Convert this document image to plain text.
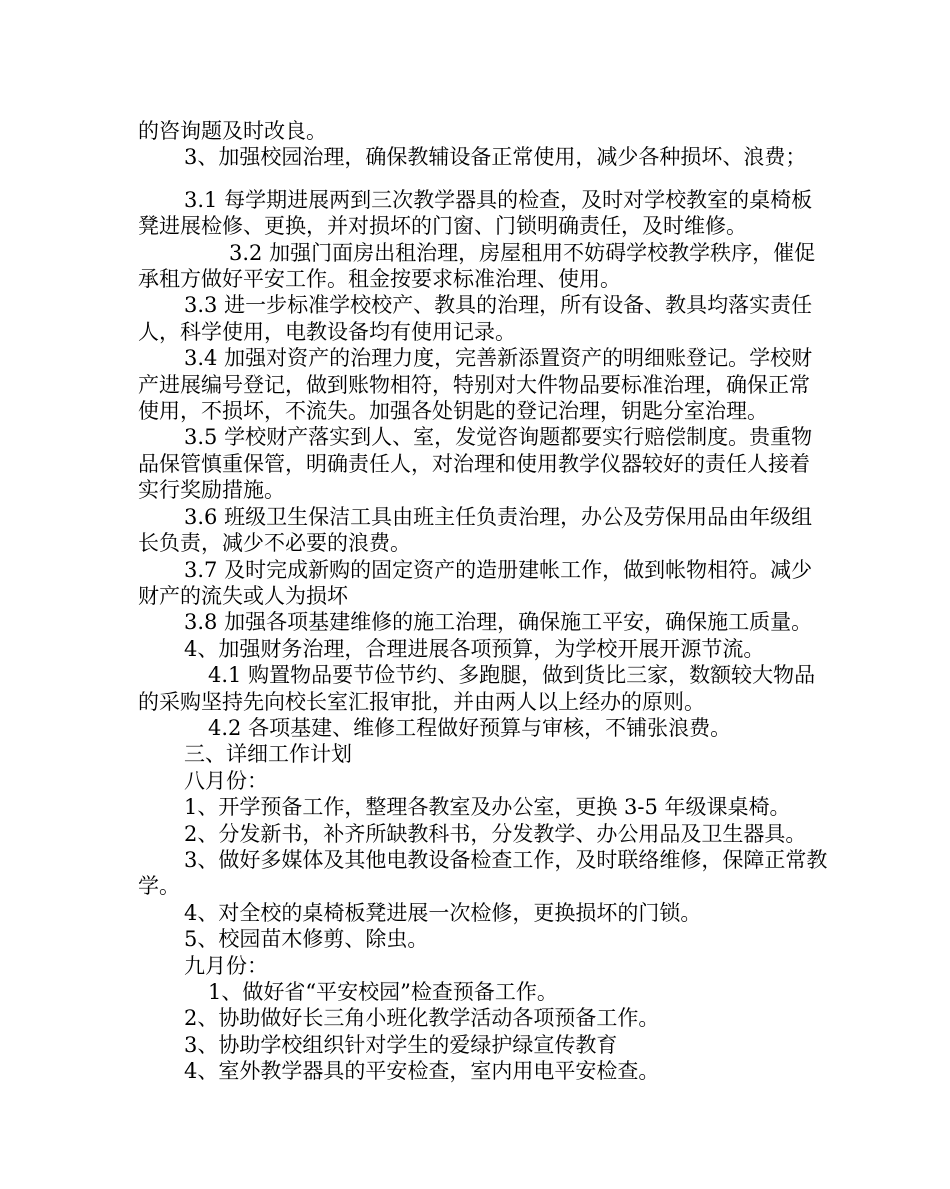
的咨询题及时改良。

3、加强校园治理，确保教辅设备正常使用，减少各种损坏、浪费；

3.1 每学期进展两到三次教学器具的检查，及时对学校教室的桌椅板凳进展检修、更换，并对损坏的门窗、门锁明确责任，及时维修。

3.2 加强门面房出租治理，房屋租用不妨碍学校教学秩序，催促承租方做好平安工作。租金按要求标准治理、使用。

3.3 进一步标准学校校产、教具的治理，所有设备、教具均落实责任人，科学使用，电教设备均有使用记录。

3.4 加强对资产的治理力度，完善新添置资产的明细账登记。学校财产进展编号登记，做到账物相符，特别对大件物品要标准治理，确保正常使用，不损坏，不流失。加强各处钥匙的登记治理，钥匙分室治理。

3.5 学校财产落实到人、室，发觉咨询题都要实行赔偿制度。贵重物品保管慎重保管，明确责任人，对治理和使用教学仪器较好的责任人接着实行奖励措施。

3.6 班级卫生保洁工具由班主任负责治理，办公及劳保用品由年级组长负责，减少不必要的浪费。

3.7 及时完成新购的固定资产的造册建帐工作，做到帐物相符。减少财产的流失或人为损坏

3.8 加强各项基建维修的施工治理，确保施工平安，确保施工质量。

4、加强财务治理，合理进展各项预算，为学校开展开源节流。

4.1 购置物品要节俭节约、多跑腿，做到货比三家，数额较大物品的采购坚持先向校长室汇报审批，并由两人以上经办的原则。

4.2 各项基建、维修工程做好预算与审核，不铺张浪费。

三、详细工作计划

八月份：

1、开学预备工作，整理各教室及办公室，更换 3-5 年级课桌椅。

2、分发新书，补齐所缺教科书，分发教学、办公用品及卫生器具。

3、做好多媒体及其他电教设备检查工作，及时联络维修，保障正常教学。

4、对全校的桌椅板凳进展一次检修，更换损坏的门锁。

5、校园苗木修剪、除虫。

九月份：

1、做好省“平安校园”检查预备工作。

2、协助做好长三角小班化教学活动各项预备工作。

3、协助学校组织针对学生的爱绿护绿宣传教育

4、室外教学器具的平安检查，室内用电平安检查。
